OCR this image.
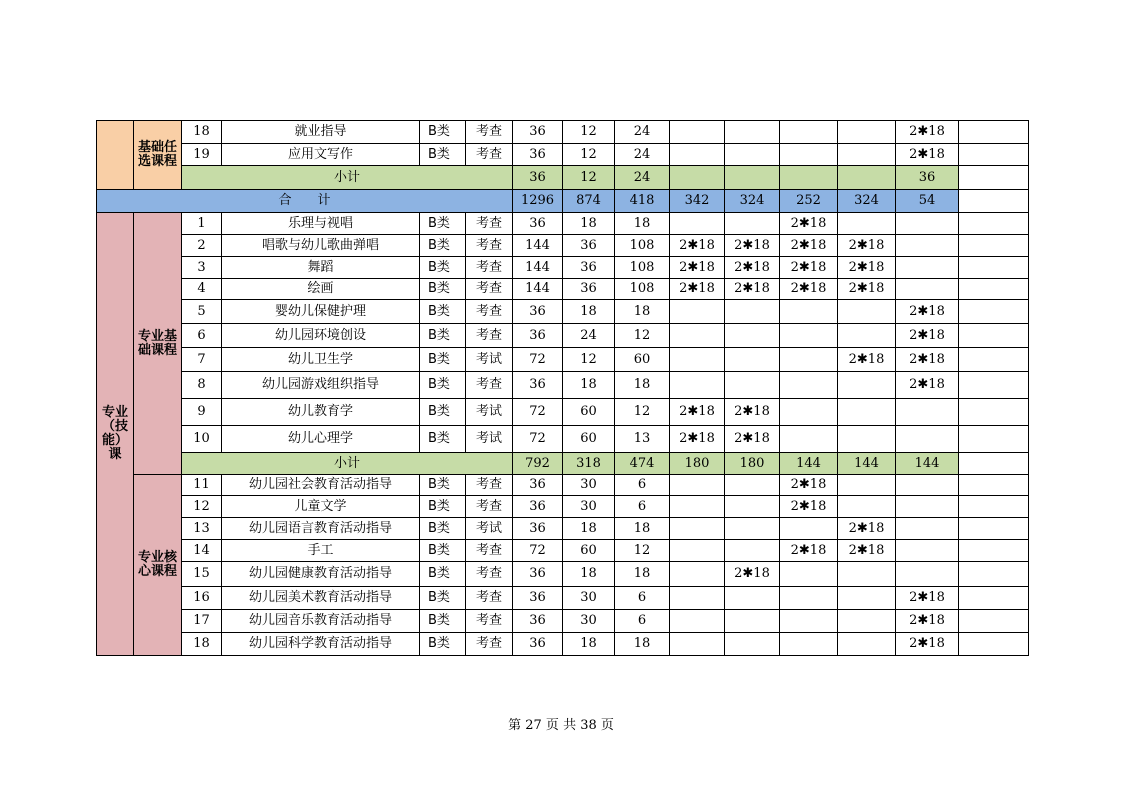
	基础任选课程	18	就业指导	B类	考查	36	12	24					2✱18	
		19	应用文写作	B类	考查	36	12	24					2✱18	
		小计				36	12	24					36	
合　　计						1296	874	418	342	324	252	324	54	
专业（技能）课	专业基础课程	1	乐理与视唱	B类	考查	36	18	18			2✱18			
		2	唱歌与幼儿歌曲弹唱	B类	考查	144	36	108	2✱18	2✱18	2✱18	2✱18		
		3	舞蹈	B类	考查	144	36	108	2✱18	2✱18	2✱18	2✱18		
		4	绘画	B类	考查	144	36	108	2✱18	2✱18	2✱18	2✱18		
		5	婴幼儿保健护理	B类	考查	36	18	18					2✱18	
		6	幼儿园环境创设	B类	考查	36	24	12					2✱18	
		7	幼儿卫生学	B类	考试	72	12	60				2✱18	2✱18	
		8	幼儿园游戏组织指导	B类	考查	36	18	18					2✱18	
		9	幼儿教育学	B类	考试	72	60	12	2✱18	2✱18				
		10	幼儿心理学	B类	考试	72	60	13	2✱18	2✱18				
		小计				792	318	474	180	180	144	144	144	
	专业核心课程	11	幼儿园社会教育活动指导	B类	考查	36	30	6			2✱18			
		12	儿童文学	B类	考查	36	30	6			2✱18			
		13	幼儿园语言教育活动指导	B类	考试	36	18	18				2✱18		
		14	手工	B类	考查	72	60	12			2✱18	2✱18		
		15	幼儿园健康教育活动指导	B类	考查	36	18	18		2✱18				
		16	幼儿园美术教育活动指导	B类	考查	36	30	6					2✱18	
		17	幼儿园音乐教育活动指导	B类	考查	36	30	6					2✱18	
		18	幼儿园科学教育活动指导	B类	考查	36	18	18					2✱18	
第 27 页 共 38 页
